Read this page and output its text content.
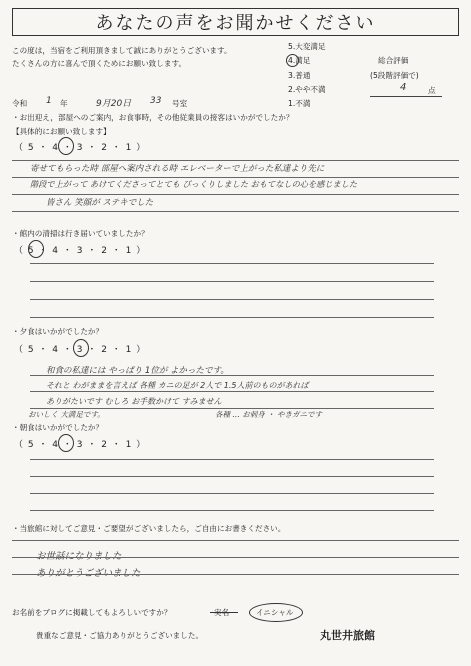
あなたの声をお聞かせください
この度は，当宿をご利用頂きまして誠にありがとうございます。
たくさんの方に喜んで頂くためにお願い致します。
5.大変満足
4.満足
3.普通
2.やや不満
1.不満
総合評価
(5段階評価で)
4	点
令和 1 年	9月20日 33 号室
・お出迎え，部屋へのご案内，お食事時，その他従業員の接客はいかがでしたか？
【具体的にお願い致します】
（ 5 ・ 4 ・ 3 ・ 2 ・ 1 ）
寄せてもらった時 部屋へ案内される時 エレベーターで上がった私達より先に
階段で上がって あけてくださってとても びっくりしました おもてなしの心を感じました
皆さん 笑顔が ステキでした
・館内の清掃は行き届いていましたか？
（ 5 ・ 4 ・ 3 ・ 2 ・ 1 ）
・夕食はいかがでしたか？
（ 5 ・ 4 ・ 3 ・ 2 ・ 1 ）
和食の私達には やっぱり 1位が よかったです。
それと わがままを言えば 各種 カニの足が 2人で 1.5人前のものがあれば
ありがたいです むしろ お手数かけて すみません
おいしく 大満足です。	各種 … お刺身 ・ やきガニです
・朝食はいかがでしたか？
（ 5 ・ 4 ・ 3 ・ 2 ・ 1 ）
・当旅館に対してご意見・ご要望がございましたら，ご自由にお書きください。
お世話になりました
ありがとうございました
お名前をブログに掲載してもよろしいですか？	実名	イニシャル
貴重なご意見・ご協力ありがとうございました。	丸世井旅館
